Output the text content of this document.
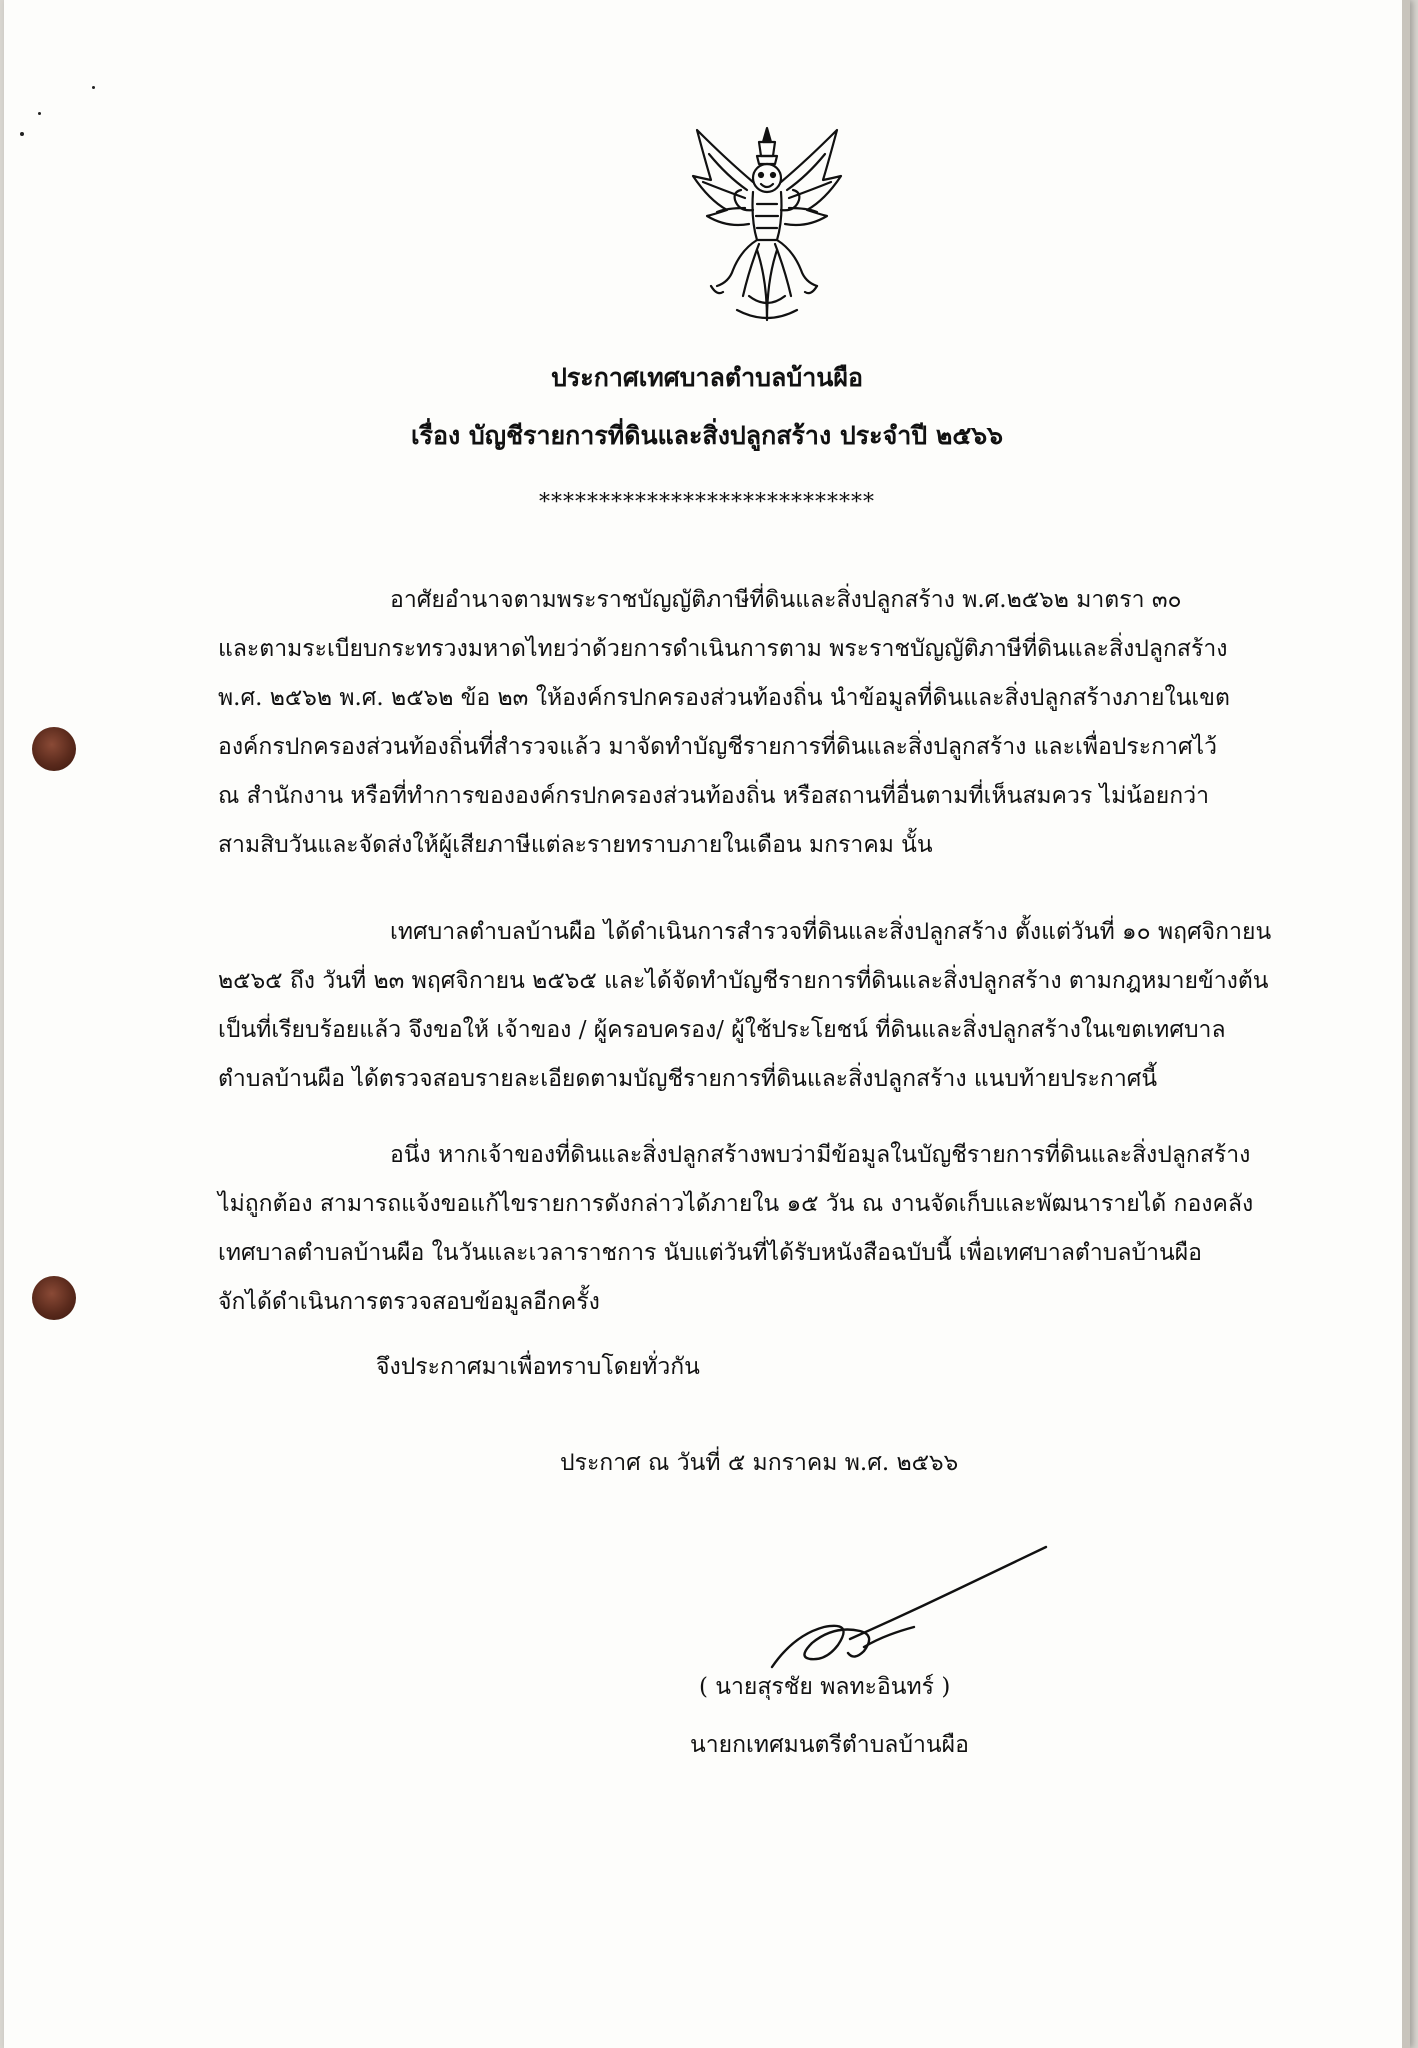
ประกาศเทศบาลตำบลบ้านผือ
เรื่อง บัญชีรายการที่ดินและสิ่งปลูกสร้าง ประจำปี ๒๕๖๖
****************************
อาศัยอำนาจตามพระราชบัญญัติภาษีที่ดินและสิ่งปลูกสร้าง พ.ศ.๒๕๖๒ มาตรา ๓๐
และตามระเบียบกระทรวงมหาดไทยว่าด้วยการดำเนินการตาม พระราชบัญญัติภาษีที่ดินและสิ่งปลูกสร้าง
พ.ศ. ๒๕๖๒ พ.ศ. ๒๕๖๒ ข้อ ๒๓ ให้องค์กรปกครองส่วนท้องถิ่น นำข้อมูลที่ดินและสิ่งปลูกสร้างภายในเขต
องค์กรปกครองส่วนท้องถิ่นที่สำรวจแล้ว มาจัดทำบัญชีรายการที่ดินและสิ่งปลูกสร้าง และเพื่อประกาศไว้
ณ สำนักงาน หรือที่ทำการขององค์กรปกครองส่วนท้องถิ่น หรือสถานที่อื่นตามที่เห็นสมควร ไม่น้อยกว่า
สามสิบวันและจัดส่งให้ผู้เสียภาษีแต่ละรายทราบภายในเดือน มกราคม นั้น
เทศบาลตำบลบ้านผือ ได้ดำเนินการสำรวจที่ดินและสิ่งปลูกสร้าง ตั้งแต่วันที่ ๑๐ พฤศจิกายน
๒๕๖๕ ถึง วันที่ ๒๓ พฤศจิกายน ๒๕๖๕ และได้จัดทำบัญชีรายการที่ดินและสิ่งปลูกสร้าง ตามกฎหมายข้างต้น
เป็นที่เรียบร้อยแล้ว จึงขอให้ เจ้าของ / ผู้ครอบครอง/ ผู้ใช้ประโยชน์ ที่ดินและสิ่งปลูกสร้างในเขตเทศบาล
ตำบลบ้านผือ ได้ตรวจสอบรายละเอียดตามบัญชีรายการที่ดินและสิ่งปลูกสร้าง แนบท้ายประกาศนี้
อนึ่ง หากเจ้าของที่ดินและสิ่งปลูกสร้างพบว่ามีข้อมูลในบัญชีรายการที่ดินและสิ่งปลูกสร้าง
ไม่ถูกต้อง สามารถแจ้งขอแก้ไขรายการดังกล่าวได้ภายใน ๑๕ วัน ณ งานจัดเก็บและพัฒนารายได้ กองคลัง
เทศบาลตำบลบ้านผือ ในวันและเวลาราชการ นับแต่วันที่ได้รับหนังสือฉบับนี้ เพื่อเทศบาลตำบลบ้านผือ
จักได้ดำเนินการตรวจสอบข้อมูลอีกครั้ง
จึงประกาศมาเพื่อทราบโดยทั่วกัน
ประกาศ ณ วันที่ ๕ มกราคม พ.ศ. ๒๕๖๖
( นายสุรชัย พลทะอินทร์ )
นายกเทศมนตรีตำบลบ้านผือ
